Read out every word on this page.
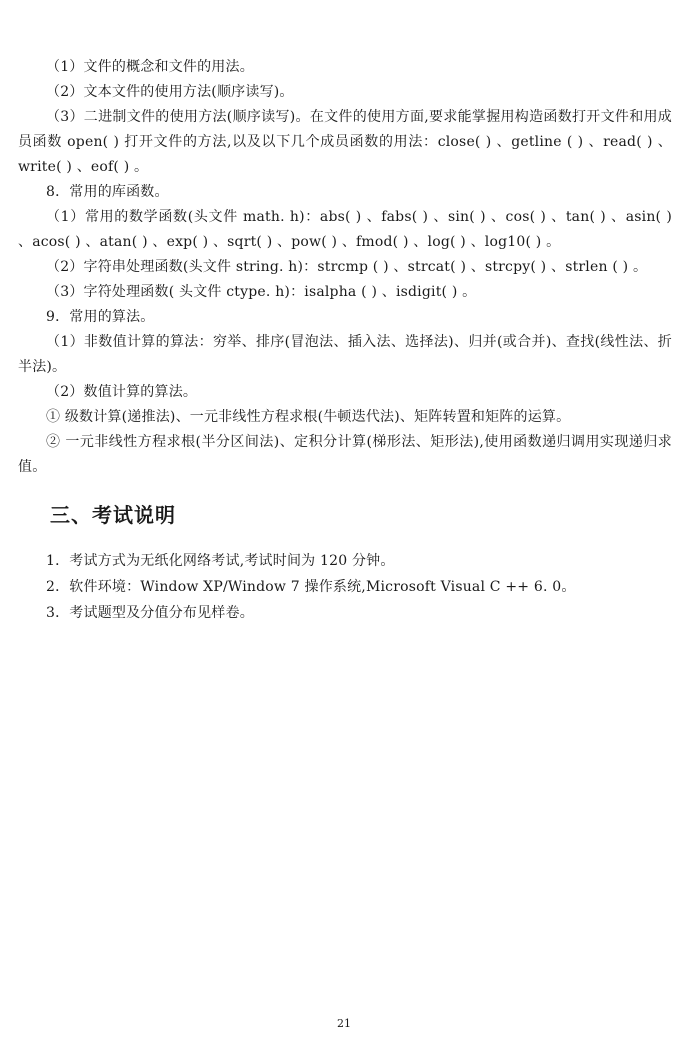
（1）文件的概念和文件的用法。

（2）文本文件的使用方法(顺序读写)。

（3）二进制文件的使用方法(顺序读写)。在文件的使用方面,要求能掌握用构造函数打开文件和用成员函数 open( ) 打开文件的方法,以及以下几个成员函数的用法：close( ) 、getline ( ) 、read( ) 、write( ) 、eof( ) 。

8．常用的库函数。

（1）常用的数学函数(头文件 math. h)：abs( ) 、fabs( ) 、sin( ) 、cos( ) 、tan( ) 、asin( ) 、acos( ) 、atan( ) 、exp( ) 、sqrt( ) 、pow( ) 、fmod( ) 、log( ) 、log10( ) 。

（2）字符串处理函数(头文件 string. h)：strcmp ( ) 、strcat( ) 、strcpy( ) 、strlen ( ) 。

（3）字符处理函数( 头文件 ctype. h)：isalpha ( ) 、isdigit( ) 。

9．常用的算法。

（1）非数值计算的算法：穷举、排序(冒泡法、插入法、选择法)、归并(或合并)、查找(线性法、折半法)。

（2）数值计算的算法。

① 级数计算(递推法)、一元非线性方程求根(牛顿迭代法)、矩阵转置和矩阵的运算。

② 一元非线性方程求根(半分区间法)、定积分计算(梯形法、矩形法),使用函数递归调用实现递归求值。

三、考试说明

1．考试方式为无纸化网络考试,考试时间为 120 分钟。

2．软件环境：Window XP/Window 7 操作系统,Microsoft Visual C ++ 6. 0。

3．考试题型及分值分布见样卷。

21
